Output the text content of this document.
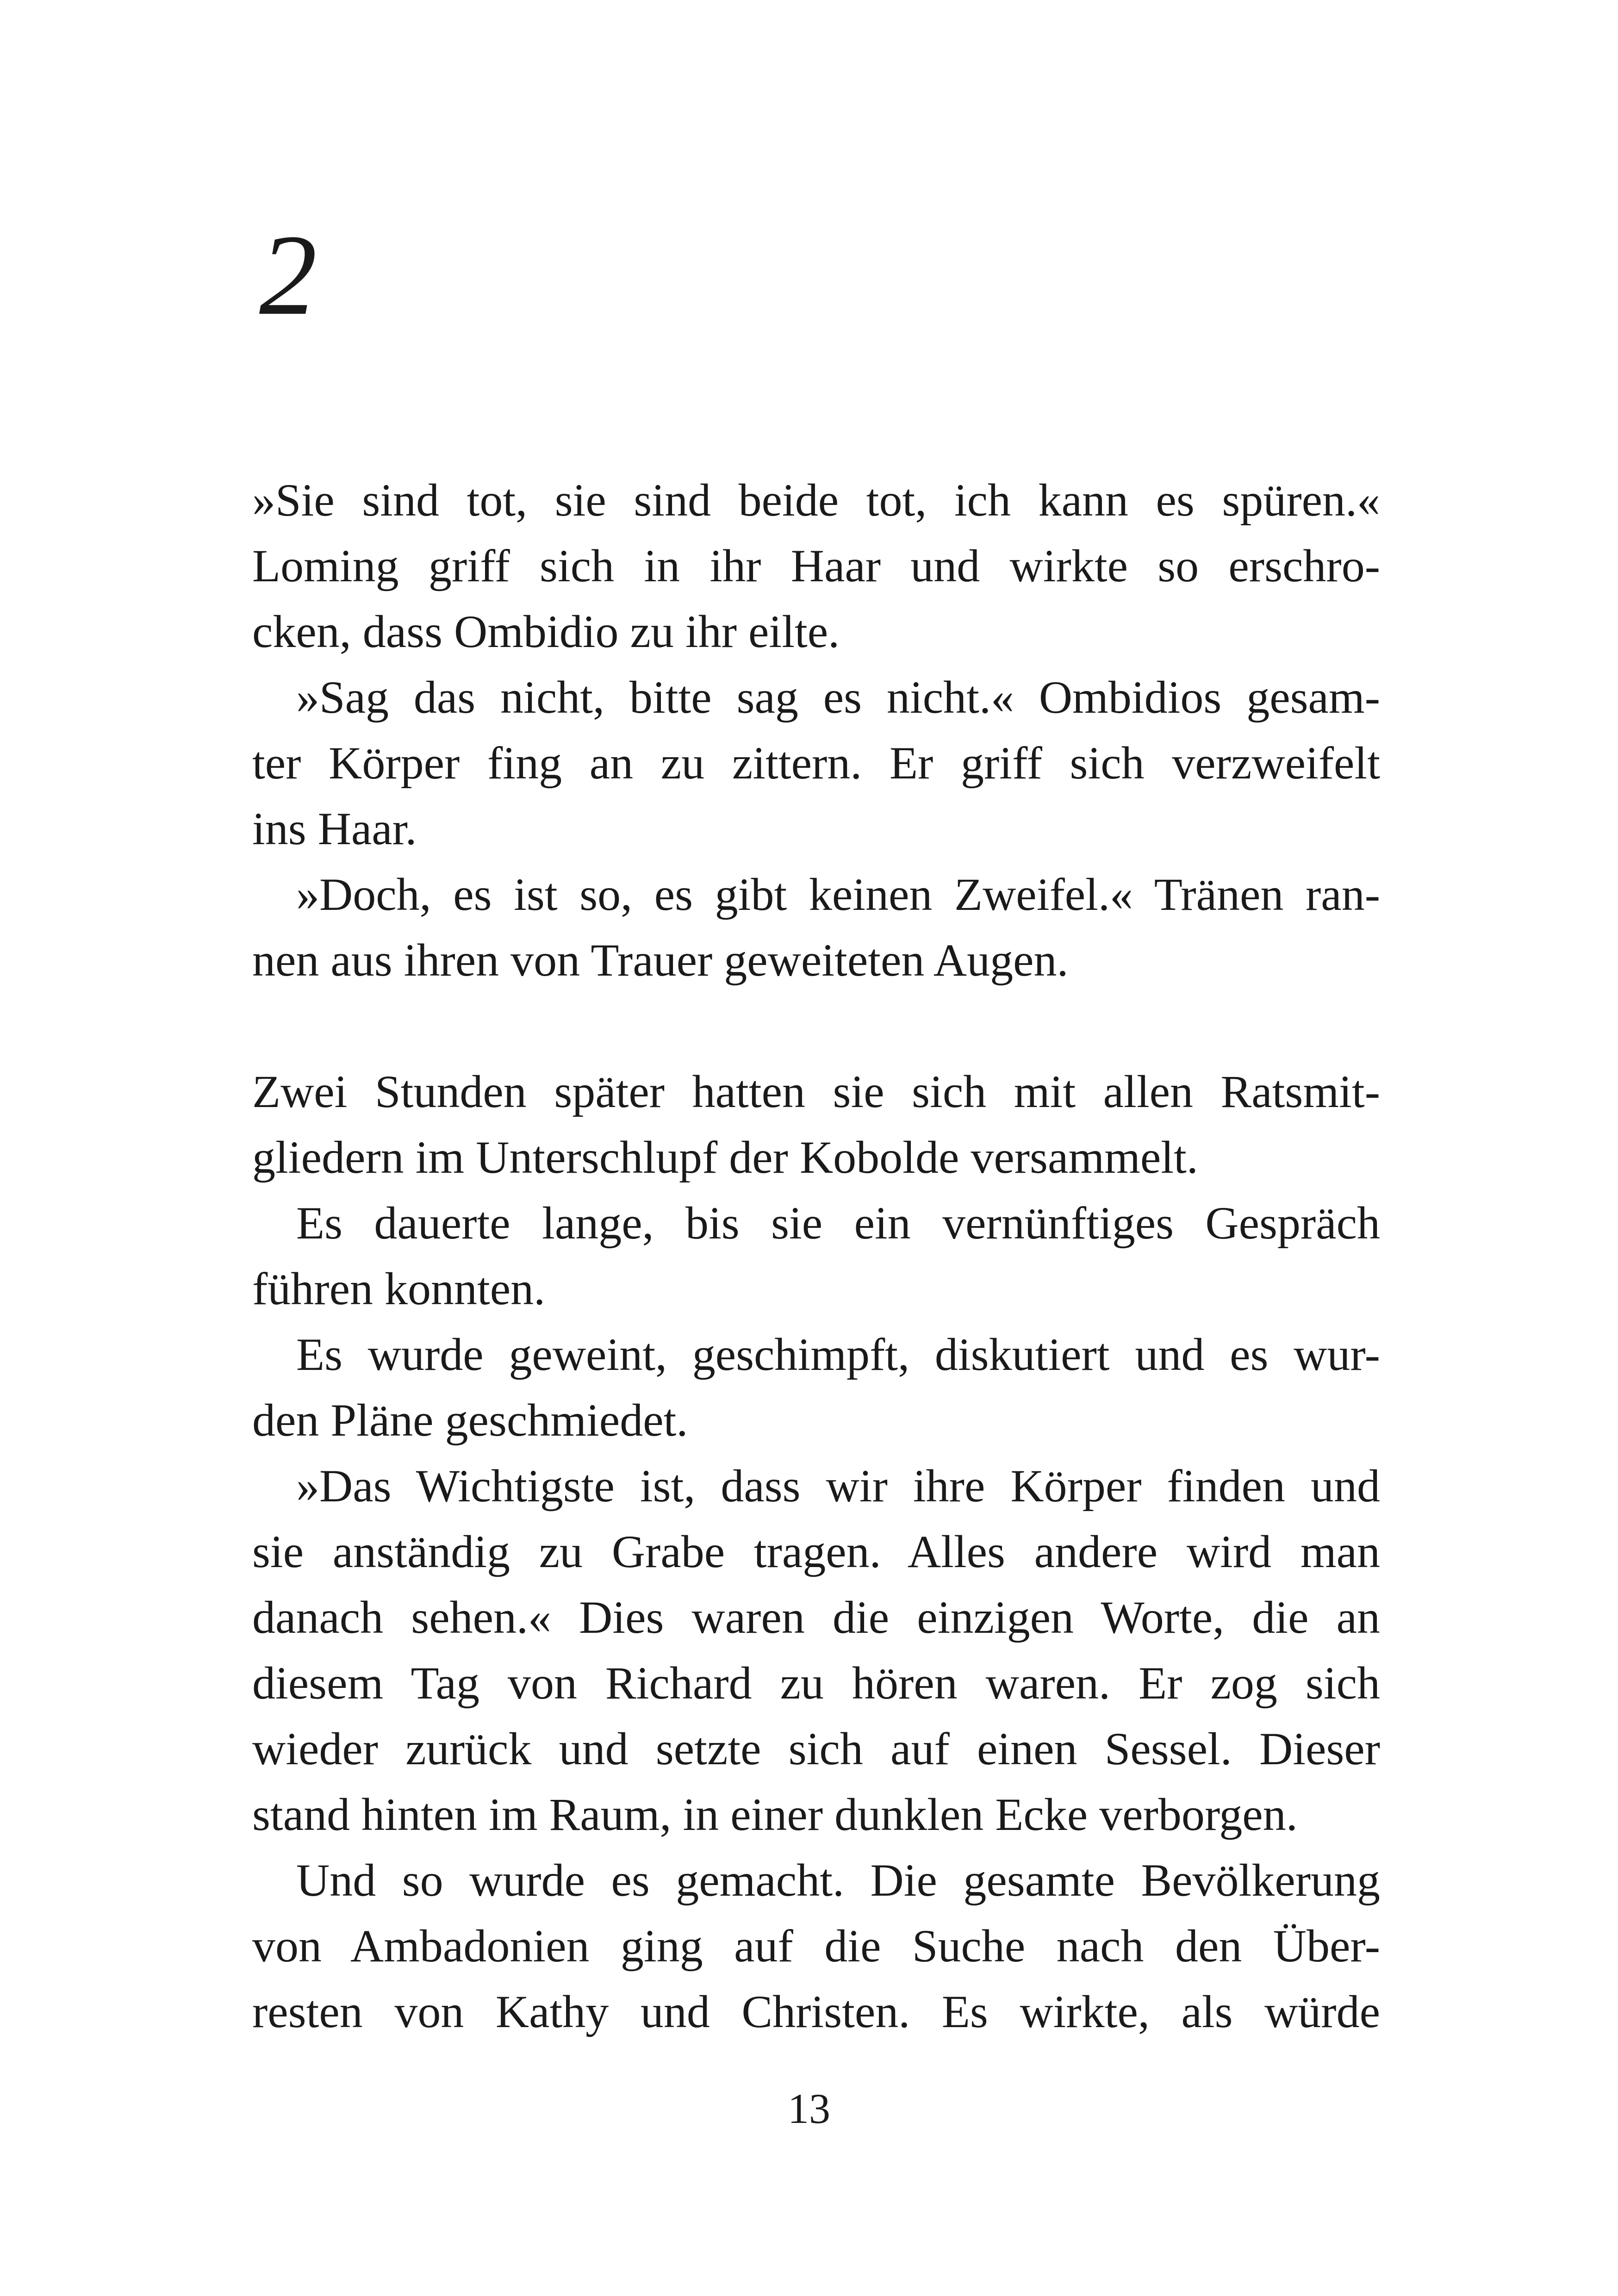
2
»Sie sind tot, sie sind beide tot, ich kann es spüren.«
Loming griff sich in ihr Haar und wirkte so erschro-
cken, dass Ombidio zu ihr eilte.
»Sag das nicht, bitte sag es nicht.« Ombidios gesam-
ter Körper fing an zu zittern. Er griff sich verzweifelt
ins Haar.
»Doch, es ist so, es gibt keinen Zweifel.« Tränen ran-
nen aus ihren von Trauer geweiteten Augen.
Zwei Stunden später hatten sie sich mit allen Ratsmit-
gliedern im Unterschlupf der Kobolde versammelt.
Es dauerte lange, bis sie ein vernünftiges Gespräch
führen konnten.
Es wurde geweint, geschimpft, diskutiert und es wur-
den Pläne geschmiedet.
»Das Wichtigste ist, dass wir ihre Körper finden und
sie anständig zu Grabe tragen. Alles andere wird man
danach sehen.« Dies waren die einzigen Worte, die an
diesem Tag von Richard zu hören waren. Er zog sich
wieder zurück und setzte sich auf einen Sessel. Dieser
stand hinten im Raum, in einer dunklen Ecke verborgen.
Und so wurde es gemacht. Die gesamte Bevölkerung
von Ambadonien ging auf die Suche nach den Über-
resten von Kathy und Christen. Es wirkte, als würde
13
